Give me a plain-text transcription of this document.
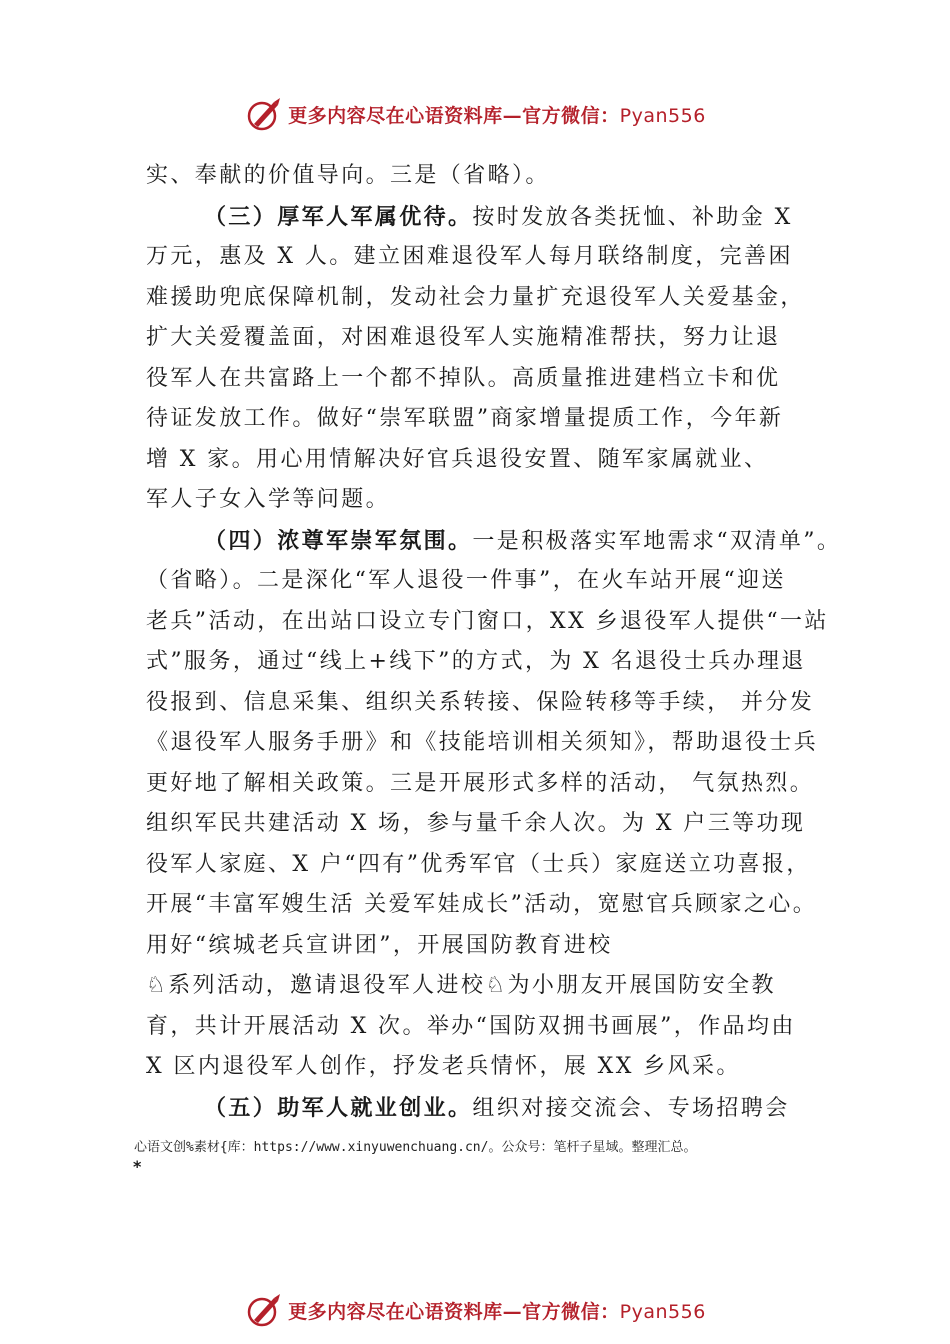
更多内容尽在心语资料库—官方微信：Pyan556
实、奉献的价值导向。三是（省略）。
（三）厚军人军属优待。按时发放各类抚恤、补助金 X
万元，惠及 X 人。建立困难退役军人每月联络制度，完善困
难援助兜底保障机制，发动社会力量扩充退役军人关爱基金，
扩大关爱覆盖面，对困难退役军人实施精准帮扶，努力让退
役军人在共富路上一个都不掉队。高质量推进建档立卡和优
待证发放工作。做好“崇军联盟”商家增量提质工作，今年新
增 X 家。用心用情解决好官兵退役安置、随军家属就业、
军人子女入学等问题。
（四）浓尊军崇军氛围。一是积极落实军地需求“双清单”。
（省略）。二是深化“军人退役一件事”，在火车站开展“迎送
老兵”活动，在出站口设立专门窗口，XX 乡退役军人提供“一站
式”服务，通过“线上+线下”的方式，为 X 名退役士兵办理退
役报到、信息采集、组织关系转接、保险转移等手续， 并分发
《退役军人服务手册》和《技能培训相关须知》，帮助退役士兵
更好地了解相关政策。三是开展形式多样的活动， 气氛热烈。
组织军民共建活动 X 场，参与量千余人次。为 X 户三等功现
役军人家庭、X 户“四有”优秀军官（士兵）家庭送立功喜报，
开展“丰富军嫂生活 关爱军娃成长”活动，宽慰官兵顾家之心。
用好“缤城老兵宣讲团”，开展国防教育进校
♘系列活动，邀请退役军人进校♘为小朋友开展国防安全教
育，共计开展活动 X 次。举办“国防双拥书画展”，作品均由
X 区内退役军人创作，抒发老兵情怀，展 XX 乡风采。
（五）助军人就业创业。组织对接交流会、专场招聘会
心语文创%素材{库：https://www.xinyuwenchuang.cn/。公众号：笔杆子星域。整理汇总。
*
更多内容尽在心语资料库—官方微信：Pyan556
